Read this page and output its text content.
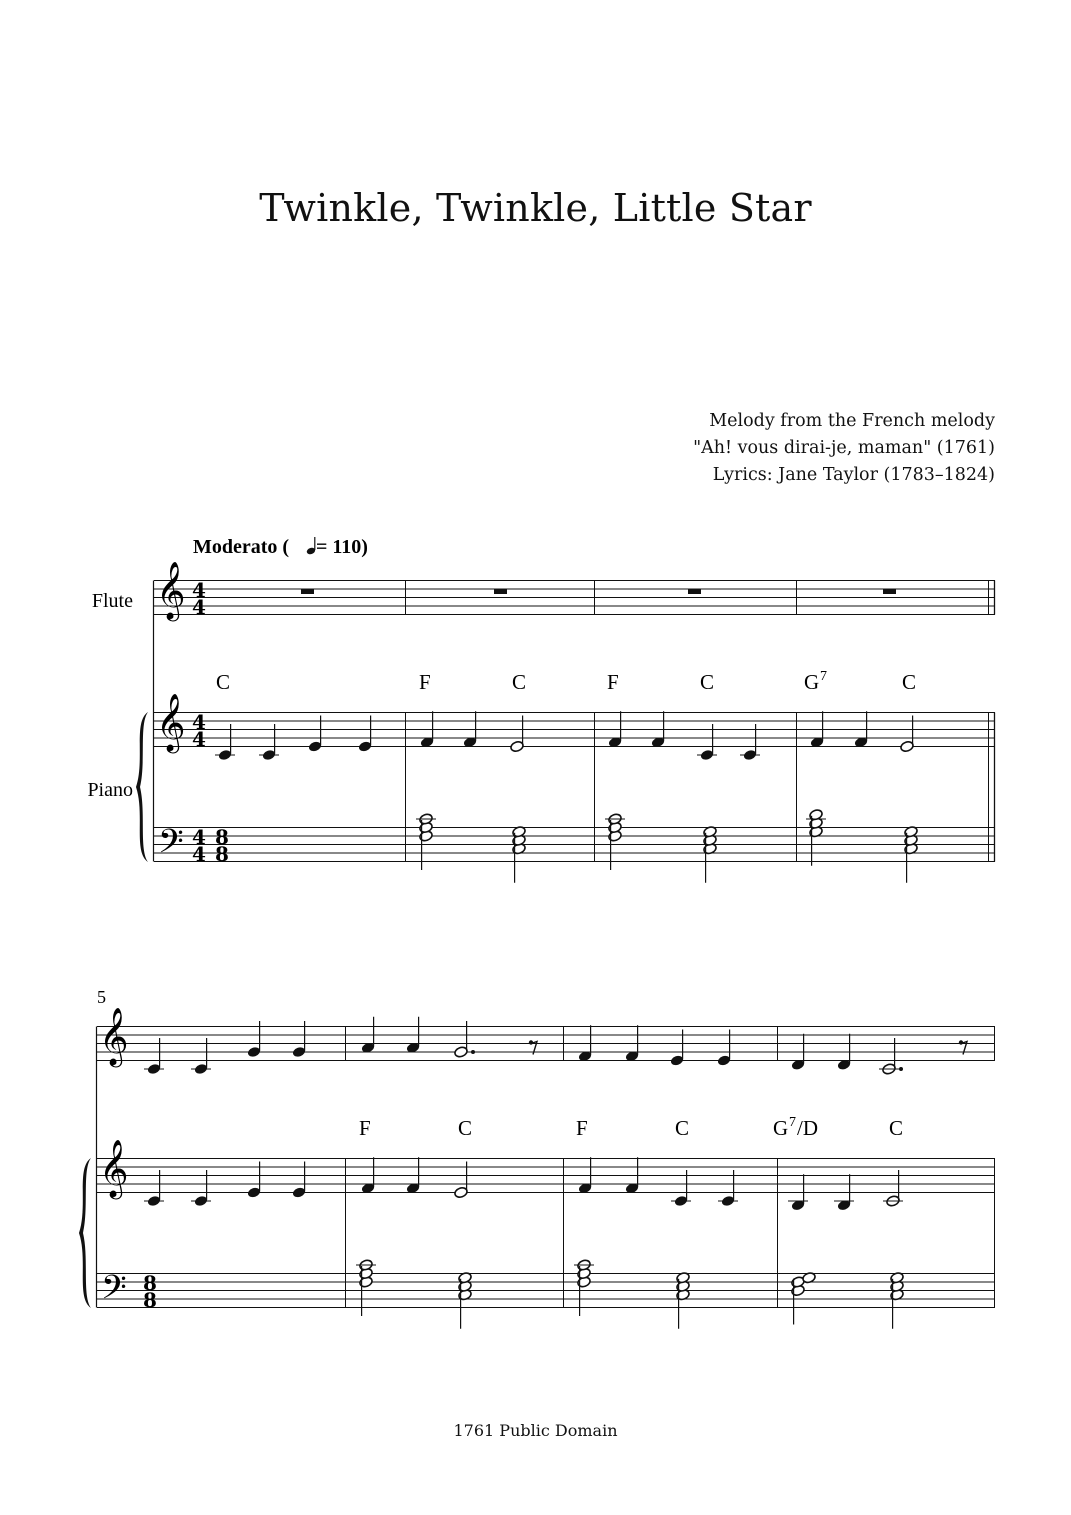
Twinkle, Twinkle, Little Star
Melody from the French melody
"Ah! vous dirai-je, maman" (1761)
Lyrics: Jane Taylor (1783–1824)
Moderato ( = 110)
Flute
Piano
𝄞
𝄞
𝄢
4
4
4
4
4
4
8
8
C	F	C	F	C	G 7	C
5
𝄞
𝄞
𝄢 8
8
F	C	F	C	G 7 /D	C
1761 Public Domain
